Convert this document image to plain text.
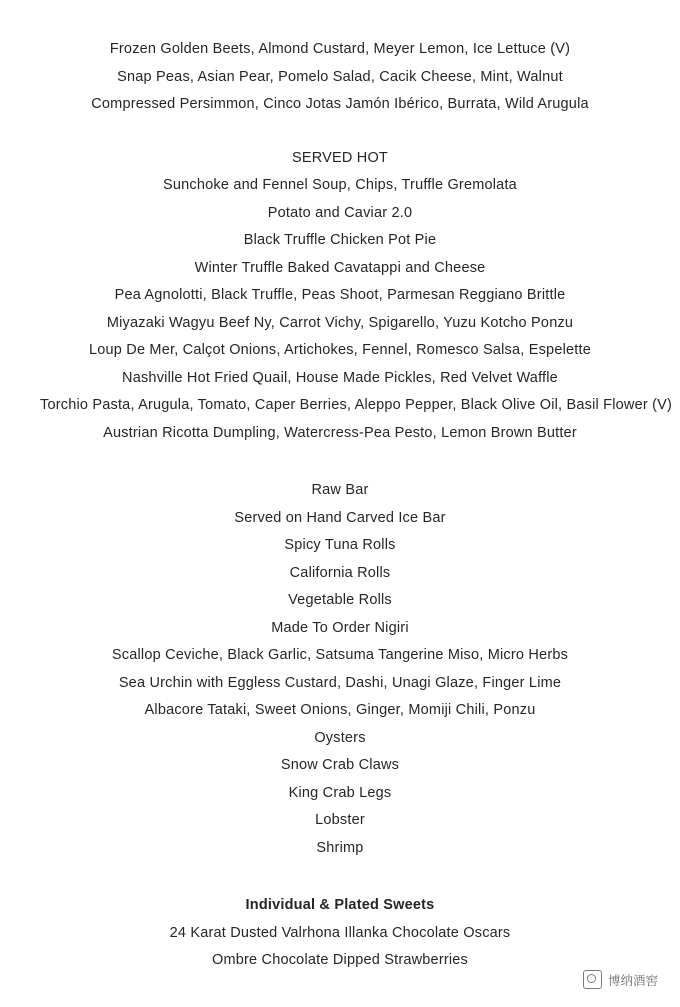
Frozen Golden Beets, Almond Custard, Meyer Lemon, Ice Lettuce (V)
Snap Peas, Asian Pear, Pomelo Salad, Cacik Cheese, Mint, Walnut
Compressed Persimmon, Cinco Jotas Jamón Ibérico, Burrata, Wild Arugula
SERVED HOT
Sunchoke and Fennel Soup, Chips, Truffle Gremolata
Potato and Caviar 2.0
Black Truffle Chicken Pot Pie
Winter Truffle Baked Cavatappi and Cheese
Pea Agnolotti, Black Truffle, Peas Shoot, Parmesan Reggiano Brittle
Miyazaki Wagyu Beef Ny, Carrot Vichy, Spigarello, Yuzu Kotcho Ponzu
Loup De Mer, Calçot Onions, Artichokes, Fennel, Romesco Salsa, Espelette
Nashville Hot Fried Quail, House Made Pickles, Red Velvet Waffle
Torchio Pasta, Arugula, Tomato, Caper Berries, Aleppo Pepper, Black Olive Oil, Basil Flower (V)
Austrian Ricotta Dumpling, Watercress-Pea Pesto, Lemon Brown Butter
Raw Bar
Served on Hand Carved Ice Bar
Spicy Tuna Rolls
California Rolls
Vegetable Rolls
Made To Order Nigiri
Scallop Ceviche, Black Garlic, Satsuma Tangerine Miso, Micro Herbs
Sea Urchin with Eggless Custard, Dashi, Unagi Glaze, Finger Lime
Albacore Tataki, Sweet Onions, Ginger, Momiji Chili, Ponzu
Oysters
Snow Crab Claws
King Crab Legs
Lobster
Shrimp
Individual & Plated Sweets
24 Karat Dusted Valrhona Illanka Chocolate Oscars
Ombre Chocolate Dipped Strawberries
博纳酒窖
